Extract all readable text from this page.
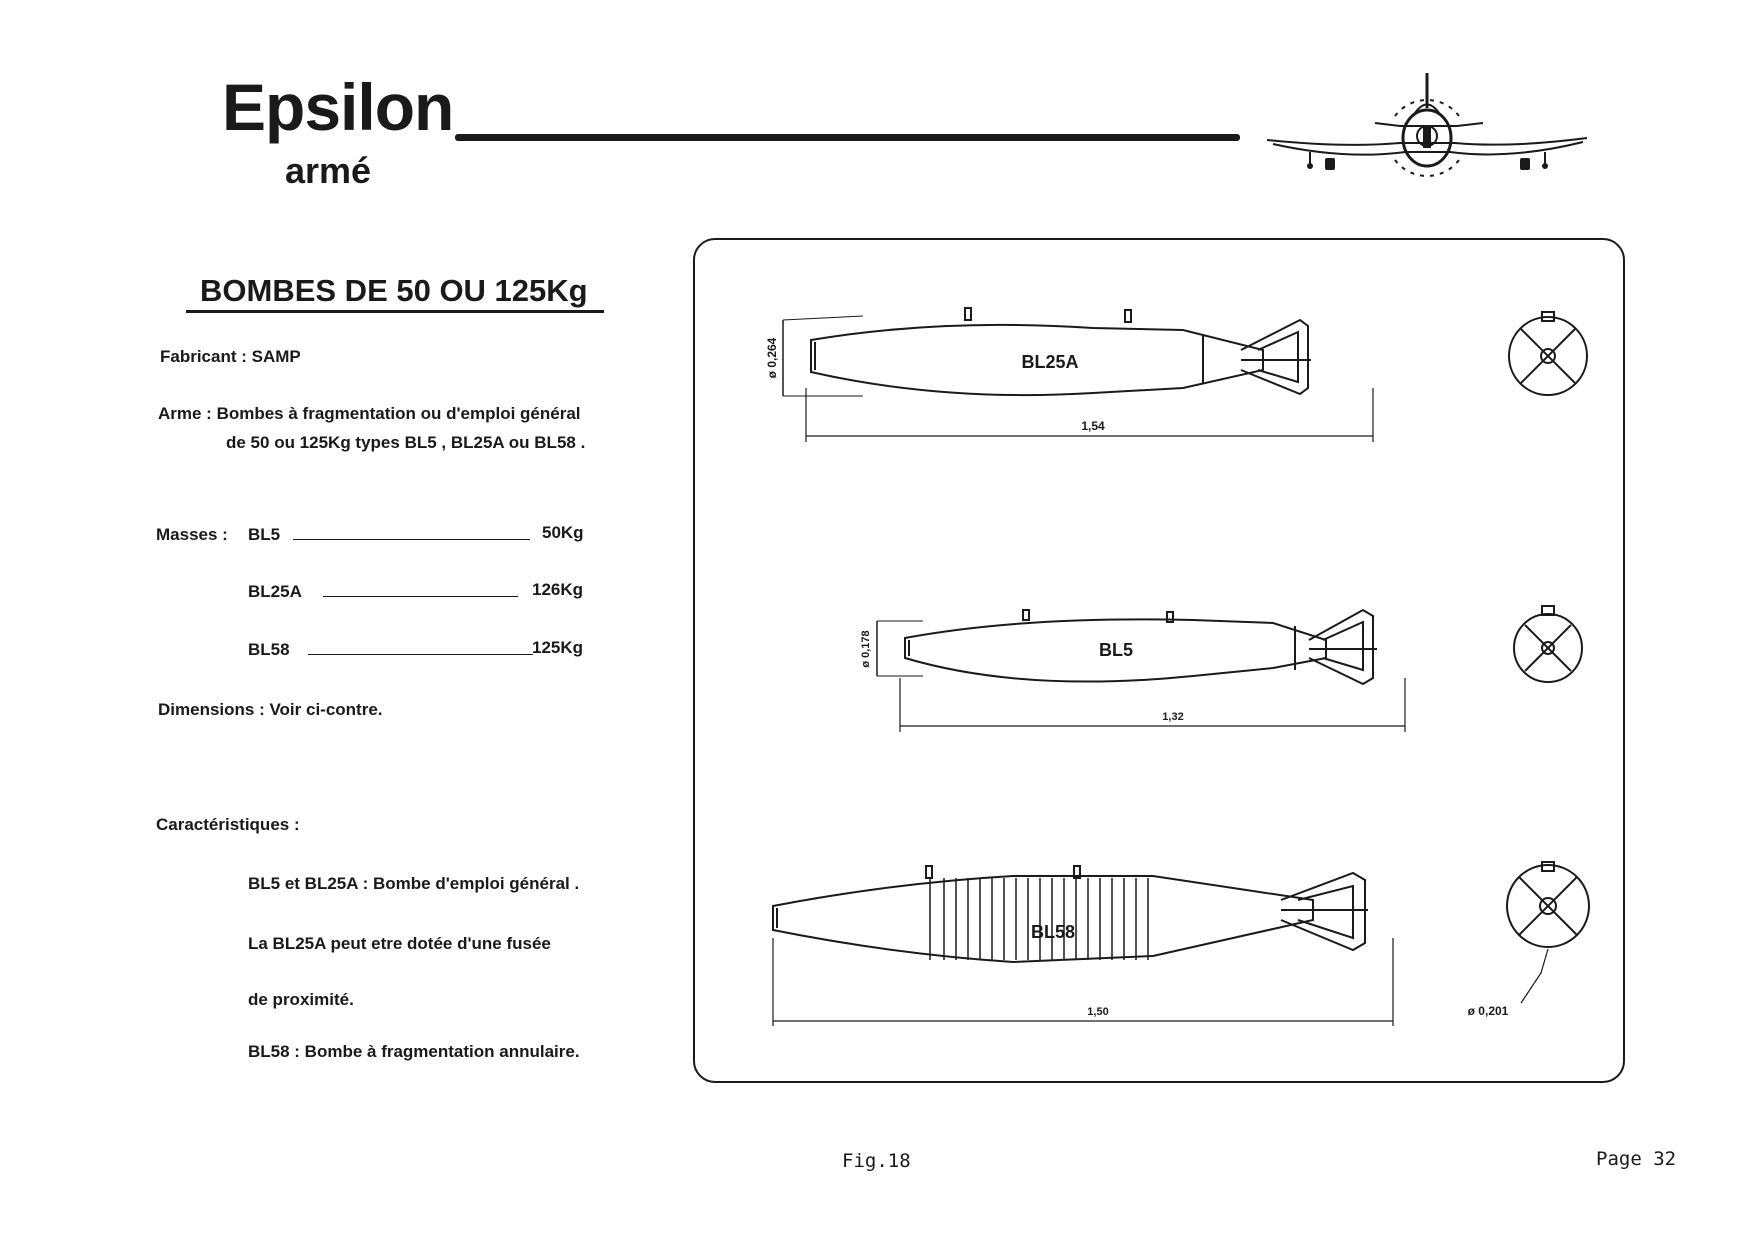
Epsilon
armé
BOMBES DE 50 OU 125Kg
Fabricant : SAMP
Arme : Bombes à fragmentation ou d'emploi général
de 50 ou 125Kg types BL5 , BL25A ou BL58 .
Masses : BL5	50Kg
BL25A	126Kg
BL58	125Kg
Dimensions : Voir ci-contre.
Caractéristiques :
BL5 et BL25A : Bombe d'emploi général .
La BL25A peut etre dotée d'une fusée
de proximité.
BL58 : Bombe à fragmentation annulaire.
BL25A
1,54
ø 0,264
BL5
1,32
ø 0,178
BL58
1,50	ø 0,201
Fig.18	Page 32
